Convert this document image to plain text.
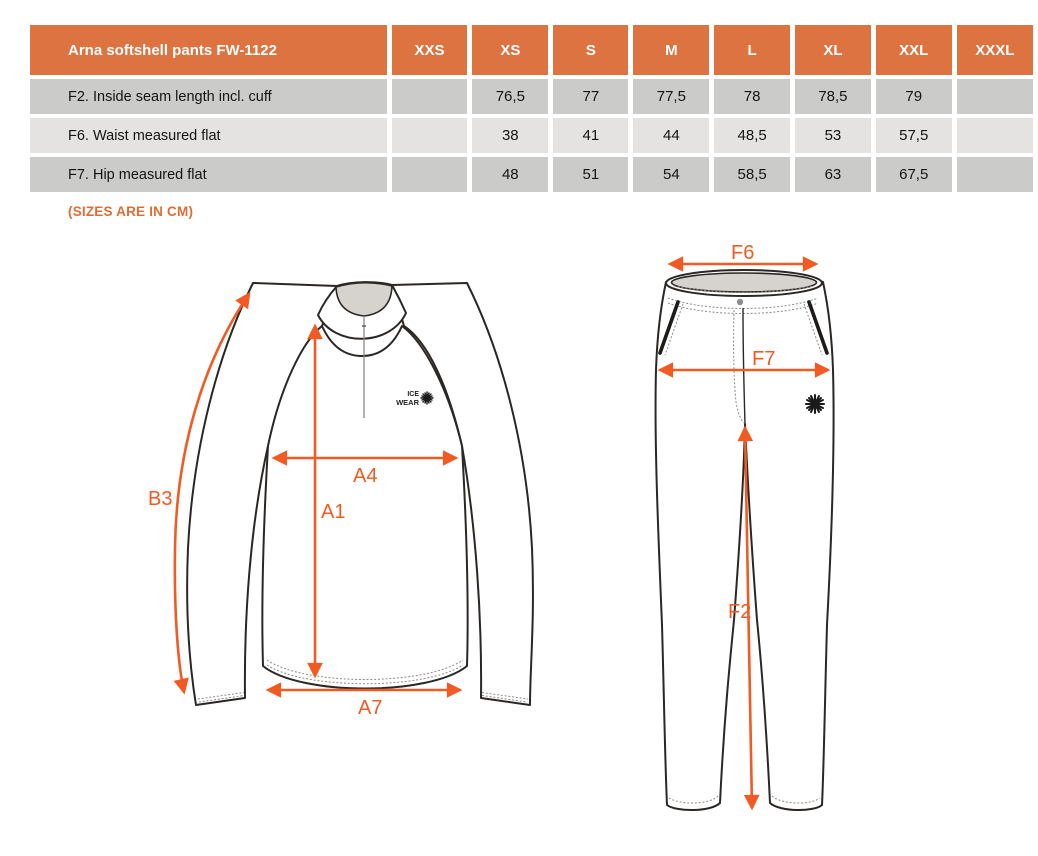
Arna softshell pants FW-1122	XXS	XS	S	M	L	XL	XXL	XXXL
F2. Inside seam length incl. cuff		76,5	77	77,5	78	78,5	79	
F6. Waist measured flat		38	41	44	48,5	53	57,5	
F7. Hip measured flat		48	51	54	58,5	63	67,5	
(SIZES ARE IN CM)
ICE
WEAR
B3
A4
A1
A7
F6
F7
F2
